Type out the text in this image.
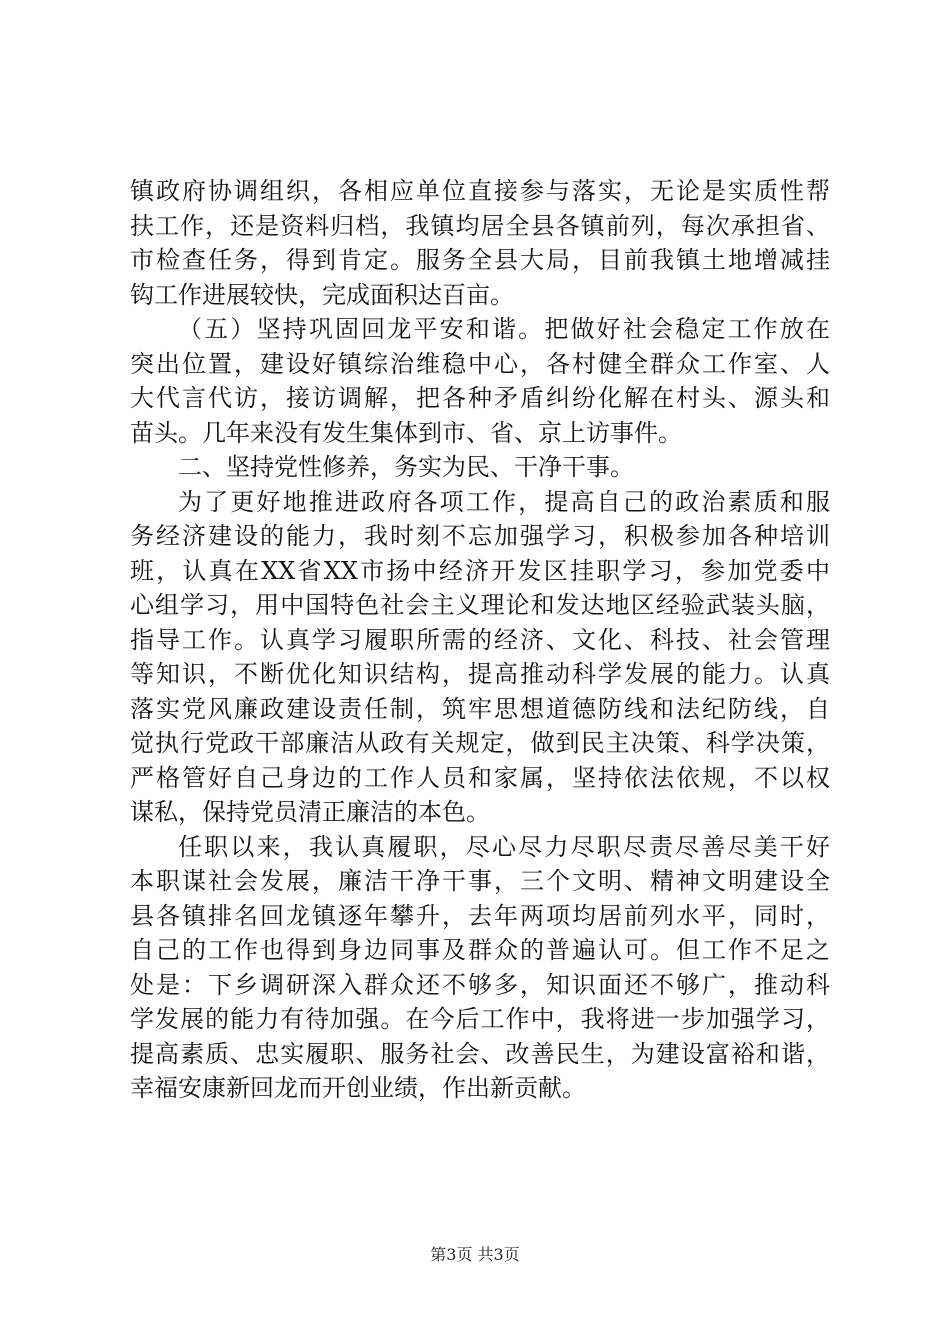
镇政府协调组织，各相应单位直接参与落实，无论是实质性帮
扶工作，还是资料归档，我镇均居全县各镇前列，每次承担省、
市检查任务，得到肯定。服务全县大局，目前我镇土地增减挂
钩工作进展较快，完成面积达百亩。
（五）坚持巩固回龙平安和谐。把做好社会稳定工作放在
突出位置，建设好镇综治维稳中心，各村健全群众工作室、人
大代言代访，接访调解，把各种矛盾纠纷化解在村头、源头和
苗头。几年来没有发生集体到市、省、京上访事件。
二、坚持党性修养，务实为民、干净干事。
为了更好地推进政府各项工作，提高自己的政治素质和服
务经济建设的能力，我时刻不忘加强学习，积极参加各种培训
班，认真在XX省XX市扬中经济开发区挂职学习，参加党委中
心组学习，用中国特色社会主义理论和发达地区经验武装头脑，
指导工作。认真学习履职所需的经济、文化、科技、社会管理
等知识，不断优化知识结构，提高推动科学发展的能力。认真
落实党风廉政建设责任制，筑牢思想道德防线和法纪防线，自
觉执行党政干部廉洁从政有关规定，做到民主决策、科学决策，
严格管好自己身边的工作人员和家属，坚持依法依规，不以权
谋私，保持党员清正廉洁的本色。
任职以来，我认真履职，尽心尽力尽职尽责尽善尽美干好
本职谋社会发展，廉洁干净干事，三个文明、精神文明建设全
县各镇排名回龙镇逐年攀升，去年两项均居前列水平，同时，
自己的工作也得到身边同事及群众的普遍认可。但工作不足之
处是：下乡调研深入群众还不够多，知识面还不够广，推动科
学发展的能力有待加强。在今后工作中，我将进一步加强学习，
提高素质、忠实履职、服务社会、改善民生，为建设富裕和谐，
幸福安康新回龙而开创业绩，作出新贡献。
第3页 共3页
